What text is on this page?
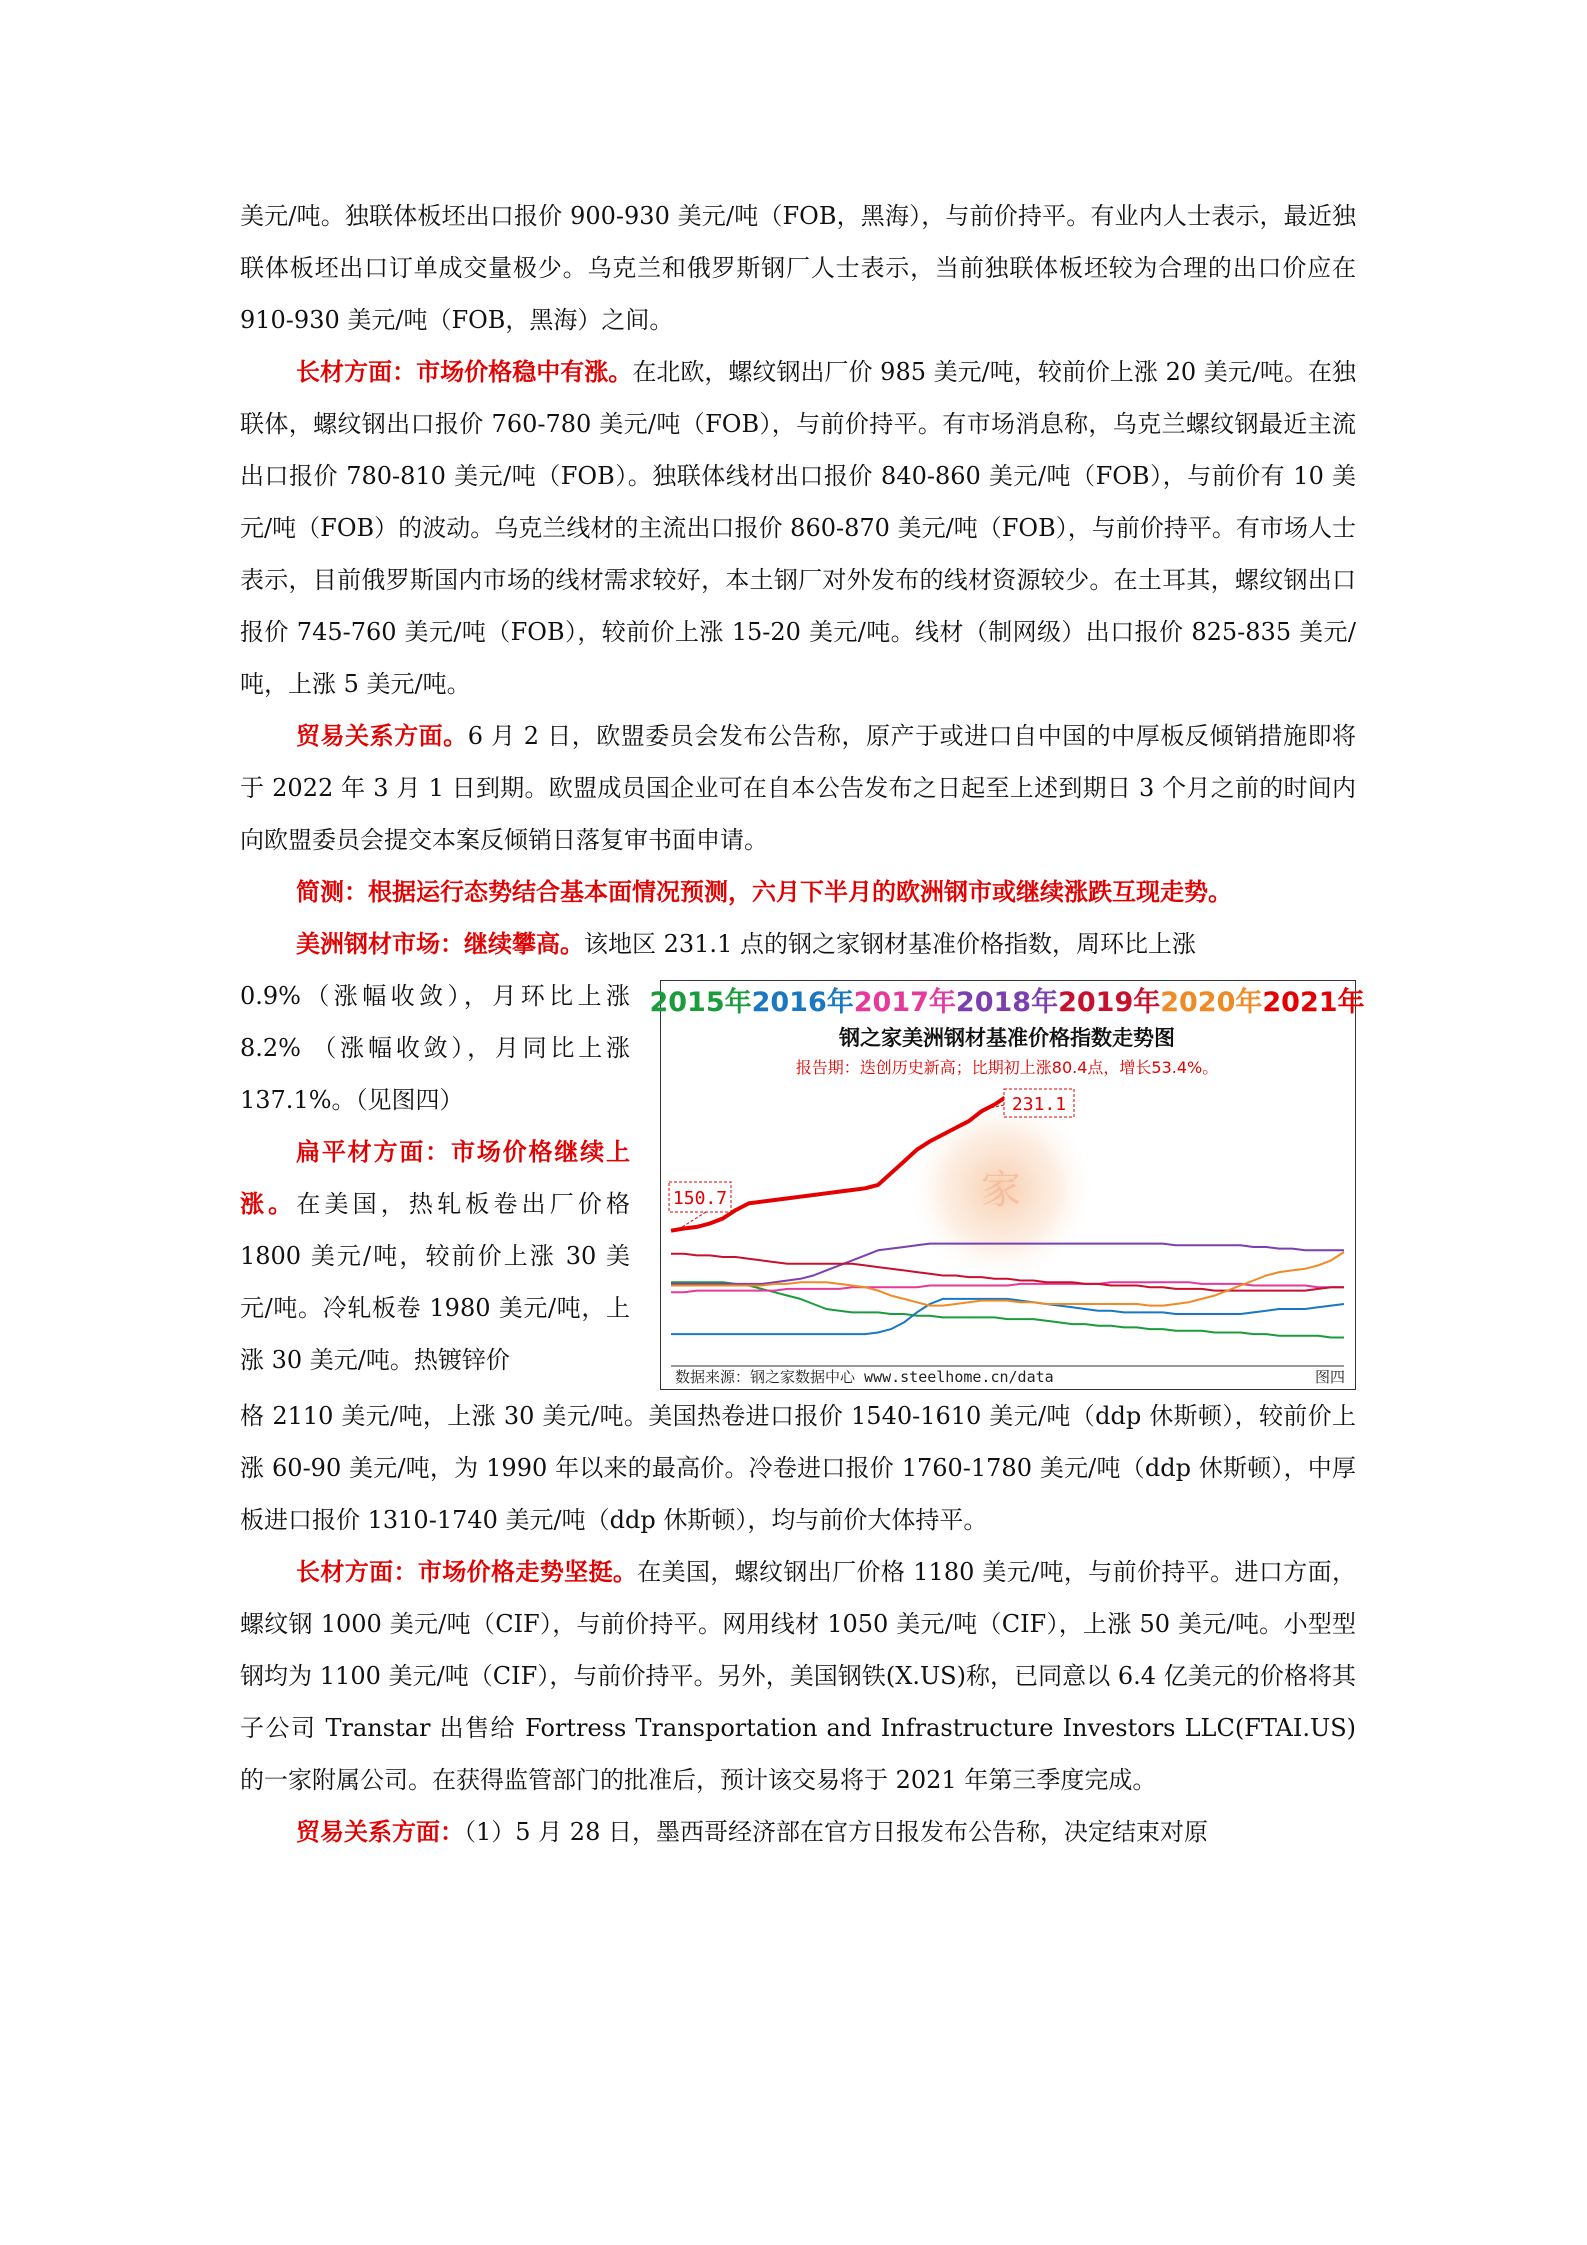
美元/吨。独联体板坯出口报价 900-930 美元/吨（FOB，黑海），与前价持平。有业内人士表示，最近独联体板坯出口订单成交量极少。乌克兰和俄罗斯钢厂人士表示，当前独联体板坯较为合理的出口价应在 910-930 美元/吨（FOB，黑海）之间。

长材方面：市场价格稳中有涨。在北欧，螺纹钢出厂价 985 美元/吨，较前价上涨 20 美元/吨。在独联体，螺纹钢出口报价 760-780 美元/吨（FOB），与前价持平。有市场消息称，乌克兰螺纹钢最近主流出口报价 780-810 美元/吨（FOB）。独联体线材出口报价 840-860 美元/吨（FOB），与前价有 10 美元/吨（FOB）的波动。乌克兰线材的主流出口报价 860-870 美元/吨（FOB），与前价持平。有市场人士表示，目前俄罗斯国内市场的线材需求较好，本土钢厂对外发布的线材资源较少。在土耳其，螺纹钢出口报价 745-760 美元/吨（FOB），较前价上涨 15-20 美元/吨。线材（制网级）出口报价 825-835 美元/吨，上涨 5 美元/吨。

贸易关系方面。6 月 2 日，欧盟委员会发布公告称，原产于或进口自中国的中厚板反倾销措施即将于 2022 年 3 月 1 日到期。欧盟成员国企业可在自本公告发布之日起至上述到期日 3 个月之前的时间内向欧盟委员会提交本案反倾销日落复审书面申请。

简测：根据运行态势结合基本面情况预测，六月下半月的欧洲钢市或继续涨跌互现走势。

美洲钢材市场：继续攀高。该地区 231.1 点的钢之家钢材基准价格指数，周环比上涨

0.9%（涨幅收敛），月环比上涨 8.2% （涨幅收敛），月同比上涨 137.1%。（见图四）

扁平材方面：市场价格继续上涨。在美国，热轧板卷出厂价格 1800 美元/吨，较前价上涨 30 美元/吨。冷轧板卷 1980 美元/吨，上涨 30 美元/吨。热镀锌价

家
2015年2016年2017年2018年2019年2020年2021年
钢之家美洲钢材基准价格指数走势图
报告期：迭创历史新高；比期初上涨80.4点，增长53.4%。
150.7
231.1
数据来源：钢之家数据中心 www.steelhome.cn/data	图四

格 2110 美元/吨，上涨 30 美元/吨。美国热卷进口报价 1540-1610 美元/吨（ddp 休斯顿），较前价上涨 60-90 美元/吨，为 1990 年以来的最高价。冷卷进口报价 1760-1780 美元/吨（ddp 休斯顿），中厚板进口报价 1310-1740 美元/吨（ddp 休斯顿），均与前价大体持平。

长材方面：市场价格走势坚挺。在美国，螺纹钢出厂价格 1180 美元/吨，与前价持平。进口方面，螺纹钢 1000 美元/吨（CIF），与前价持平。网用线材 1050 美元/吨（CIF），上涨 50 美元/吨。小型型钢均为 1100 美元/吨（CIF），与前价持平。另外，美国钢铁(X.US)称，已同意以 6.4 亿美元的价格将其子公司 Transtar 出售给 Fortress Transportation and Infrastructure Investors LLC(FTAI.US)的一家附属公司。在获得监管部门的批准后，预计该交易将于 2021 年第三季度完成。

贸易关系方面：（1）5 月 28 日，墨西哥经济部在官方日报发布公告称，决定结束对原
